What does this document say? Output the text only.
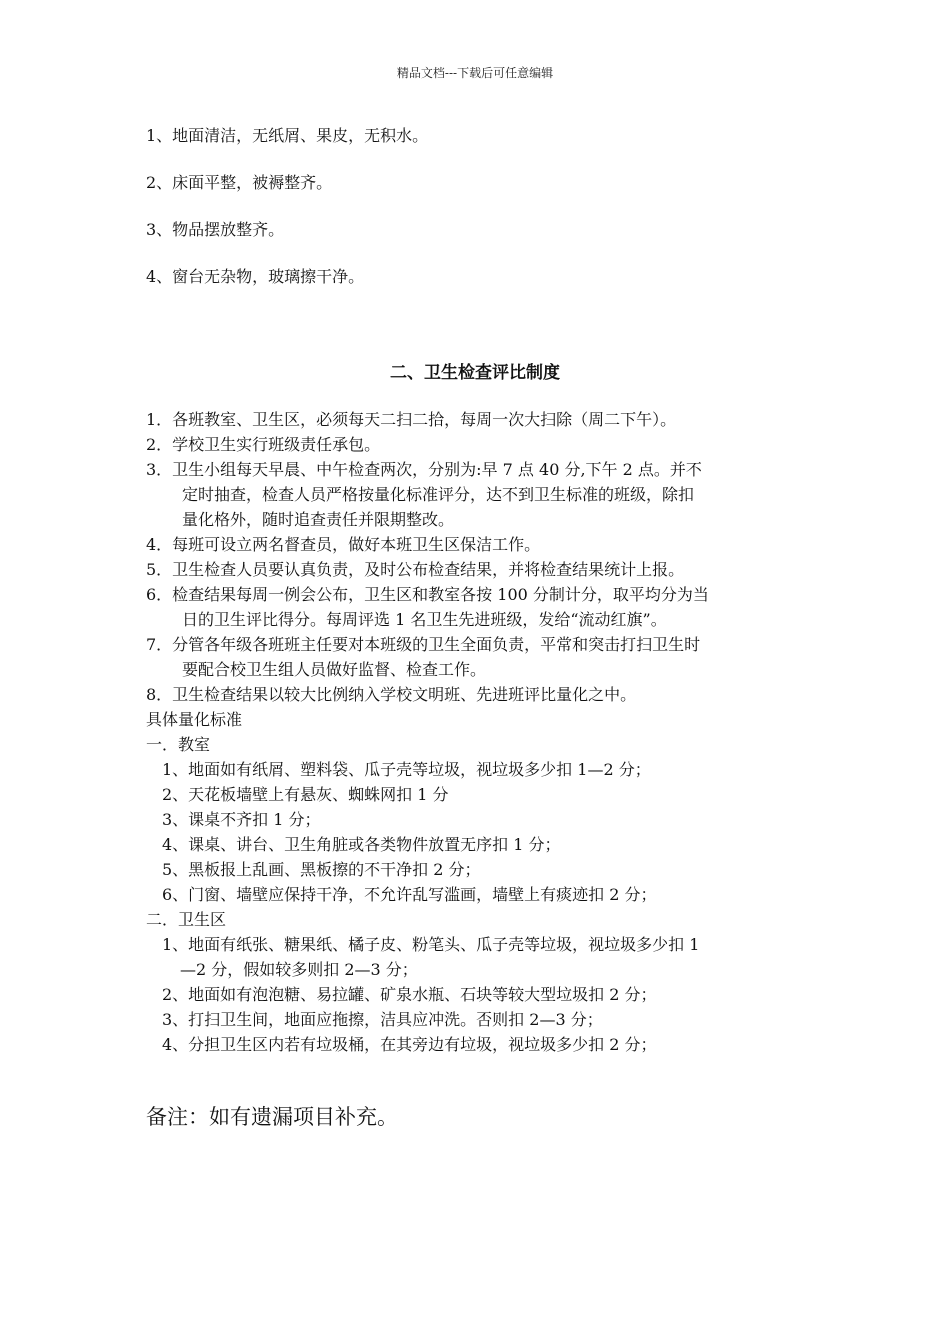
精品文档---下载后可任意编辑
1、地面清洁，无纸屑、果皮，无积水。
2、床面平整，被褥整齐。
3、物品摆放整齐。
4、窗台无杂物，玻璃擦干净。
二、卫生检查评比制度
1．各班教室、卫生区，必须每天二扫二拾，每周一次大扫除（周二下午）。
2．学校卫生实行班级责任承包。
3．卫生小组每天早晨、中午检查两次，分别为:早 7 点 40 分,下午 2 点。并不
定时抽查，检查人员严格按量化标准评分，达不到卫生标准的班级，除扣
量化格外，随时追查责任并限期整改。
4．每班可设立两名督查员，做好本班卫生区保洁工作。
5．卫生检查人员要认真负责，及时公布检查结果，并将检查结果统计上报。
6．检查结果每周一例会公布，卫生区和教室各按 100 分制计分，取平均分为当
日的卫生评比得分。每周评选 1 名卫生先进班级，发给“流动红旗”。
7．分管各年级各班班主任要对本班级的卫生全面负责，平常和突击打扫卫生时
要配合校卫生组人员做好监督、检查工作。
8．卫生检查结果以较大比例纳入学校文明班、先进班评比量化之中。
具体量化标准
一．教室
1、地面如有纸屑、塑料袋、瓜子壳等垃圾，视垃圾多少扣 1—2 分；
2、天花板墙壁上有悬灰、蜘蛛网扣 1 分
3、课桌不齐扣 1 分；
4、课桌、讲台、卫生角脏或各类物件放置无序扣 1 分；
5、黑板报上乱画、黑板擦的不干净扣 2 分；
6、门窗、墙壁应保持干净，不允许乱写滥画，墙壁上有痰迹扣 2 分；
二．卫生区
1、地面有纸张、糖果纸、橘子皮、粉笔头、瓜子壳等垃圾，视垃圾多少扣 1
—2 分，假如较多则扣 2—3 分；
2、地面如有泡泡糖、易拉罐、矿泉水瓶、石块等较大型垃圾扣 2 分；
3、打扫卫生间，地面应拖擦，洁具应冲洗。否则扣 2—3 分；
4、分担卫生区内若有垃圾桶，在其旁边有垃圾，视垃圾多少扣 2 分；
备注：如有遗漏项目补充。
